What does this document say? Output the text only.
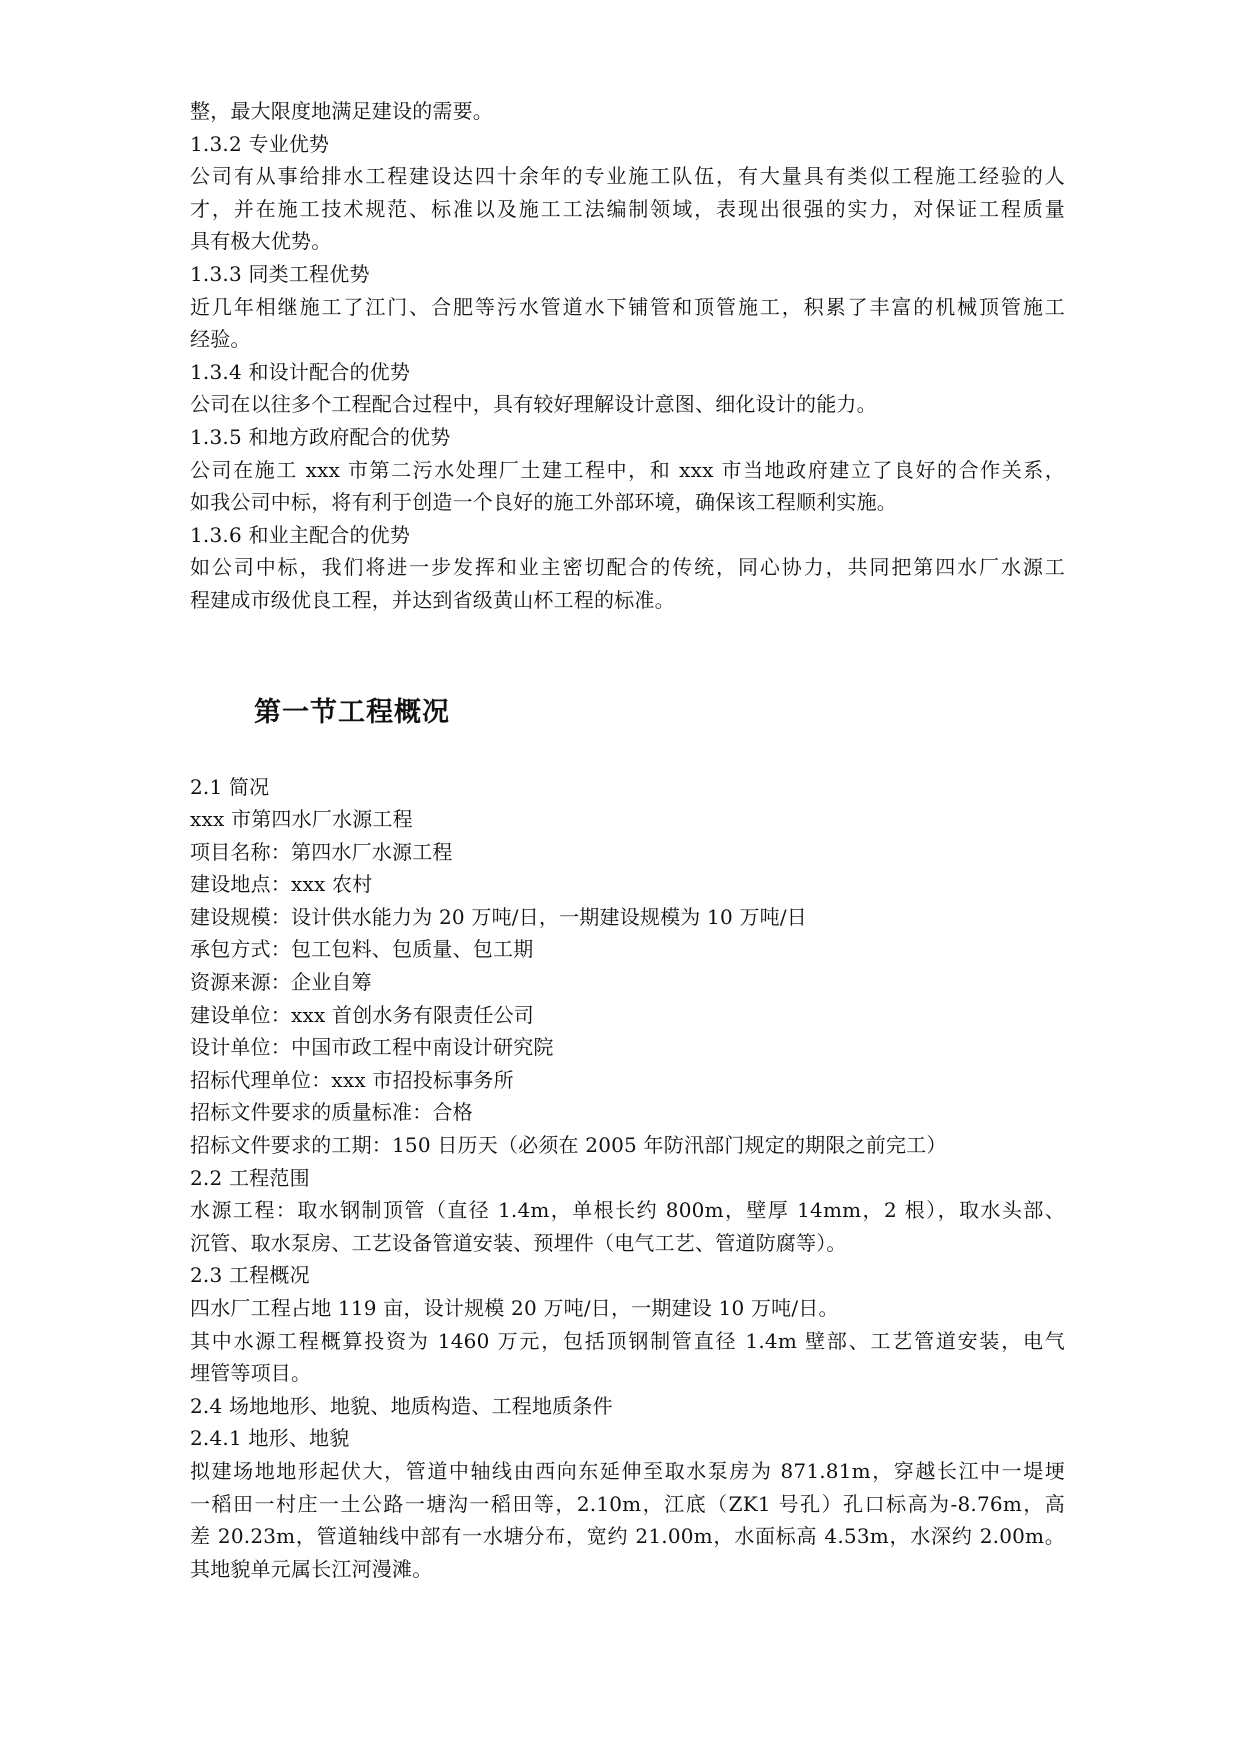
整，最大限度地满足建设的需要。
1.3.2 专业优势
公司有从事给排水工程建设达四十余年的专业施工队伍，有大量具有类似工程施工经验的人
才，并在施工技术规范、标准以及施工工法编制领域，表现出很强的实力，对保证工程质量
具有极大优势。
1.3.3 同类工程优势
近几年相继施工了江门、合肥等污水管道水下铺管和顶管施工，积累了丰富的机械顶管施工
经验。
1.3.4 和设计配合的优势
公司在以往多个工程配合过程中，具有较好理解设计意图、细化设计的能力。
1.3.5 和地方政府配合的优势
公司在施工 xxx 市第二污水处理厂土建工程中，和 xxx 市当地政府建立了良好的合作关系，
如我公司中标，将有利于创造一个良好的施工外部环境，确保该工程顺利实施。
1.3.6 和业主配合的优势
如公司中标，我们将进一步发挥和业主密切配合的传统，同心协力，共同把第四水厂水源工
程建成市级优良工程，并达到省级黄山杯工程的标准。
第一节工程概况
2.1 简况
xxx 市第四水厂水源工程
项目名称：第四水厂水源工程
建设地点：xxx 农村
建设规模：设计供水能力为 20 万吨/日，一期建设规模为 10 万吨/日
承包方式：包工包料、包质量、包工期
资源来源：企业自筹
建设单位：xxx 首创水务有限责任公司
设计单位：中国市政工程中南设计研究院
招标代理单位：xxx 市招投标事务所
招标文件要求的质量标准：合格
招标文件要求的工期：150 日历天（必须在 2005 年防汛部门规定的期限之前完工）
2.2 工程范围
水源工程：取水钢制顶管（直径 1.4m，单根长约 800m，壁厚 14mm，2 根），取水头部、
沉管、取水泵房、工艺设备管道安装、预埋件（电气工艺、管道防腐等）。
2.3 工程概况
四水厂工程占地 119 亩，设计规模 20 万吨/日，一期建设 10 万吨/日。
其中水源工程概算投资为 1460 万元，包括顶钢制管直径 1.4m 壁部、工艺管道安装，电气
埋管等项目。
2.4 场地地形、地貌、地质构造、工程地质条件
2.4.1 地形、地貌
拟建场地地形起伏大，管道中轴线由西向东延伸至取水泵房为 871.81m，穿越长江中一堤埂
一稻田一村庄一土公路一塘沟一稻田等，2.10m，江底（ZK1 号孔）孔口标高为-8.76m，高
差 20.23m，管道轴线中部有一水塘分布，宽约 21.00m，水面标高 4.53m，水深约 2.00m。
其地貌单元属长江河漫滩。
